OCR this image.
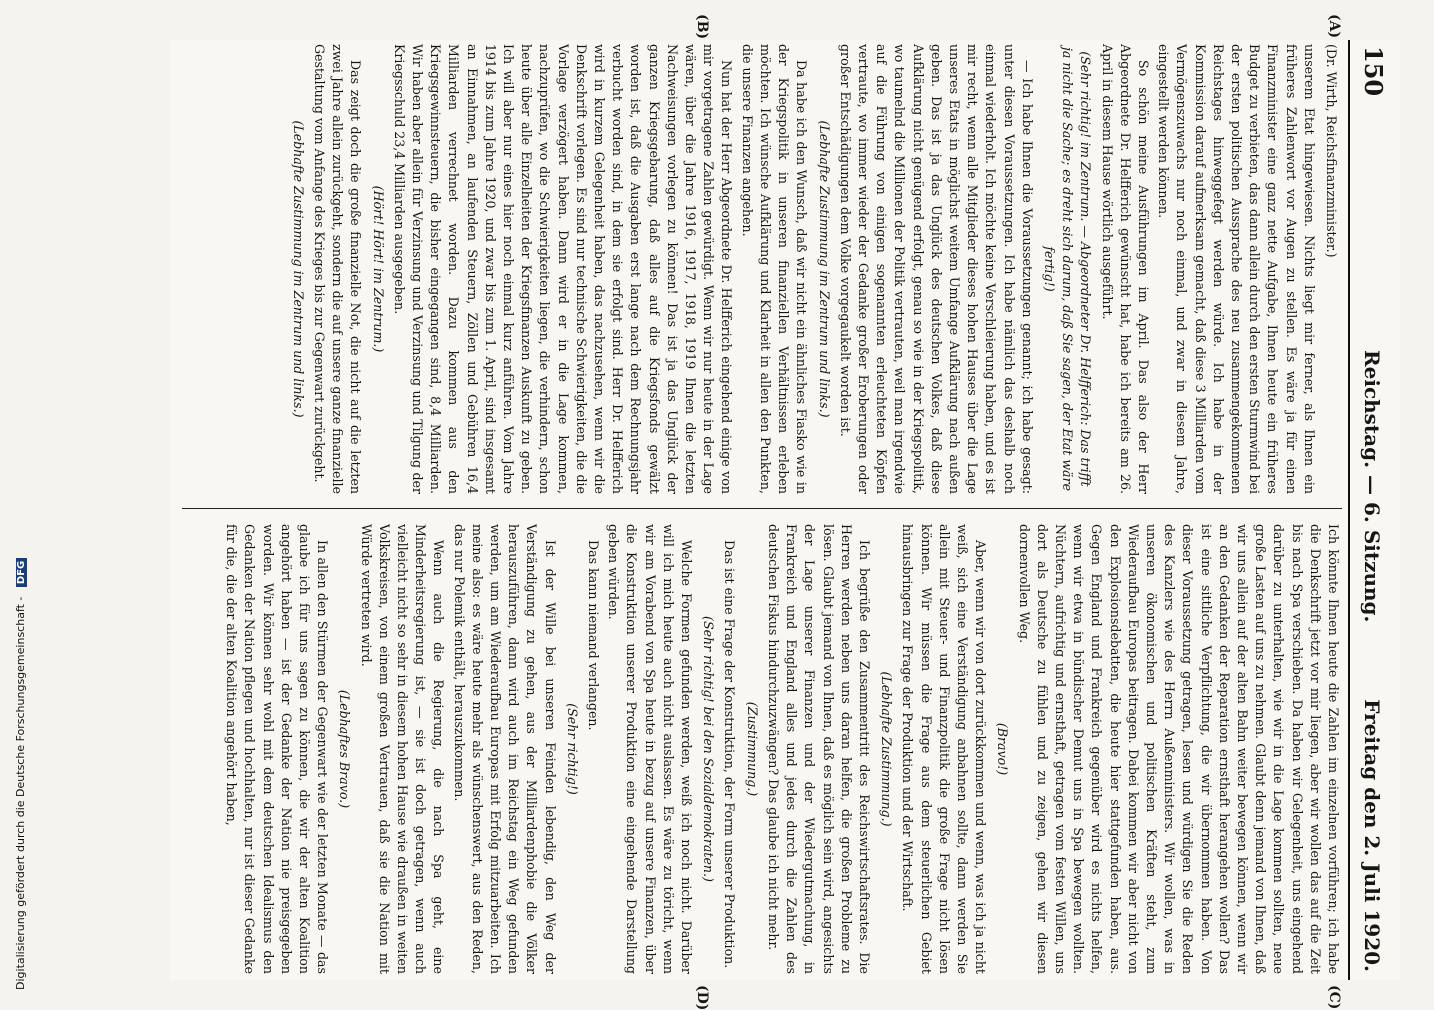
150
Reichstag. — 6. Sitzung.
Freitag den 2. Juli 1920.
(A)
(B)
(C)
(D)

(Dr. Wirth, Reichsfinanzminister.)

unserem Etat hingewiesen. Nichts liegt mir ferner, als Ihnen ein früheres Zahlenwort vor Augen zu stellen. Es wäre ja für einen Finanzminister eine ganz nette Aufgabe, Ihnen heute ein früheres Budget zu verbieten, das dann allein durch den ersten Sturmwind bei der ersten politischen Aussprache des neu zusammengekommenen Reichstages hinweggefegt werden würde. Ich habe in der Kommission darauf aufmerksam gemacht, daß diese 3 Milliarden vom Vermögenszuwachs nur noch einmal, und zwar in diesem Jahre, eingestellt werden können.

So schön meine Ausführungen im April. Das also der Herr Abgeordnete Dr. Helfferich gewünscht hat, habe ich bereits am 26. April in diesem Hause wörtlich ausgeführt.

(Sehr richtig! im Zentrum. — Abgeordneter Dr. Helfferich: Das trifft ja nicht die Sache; es dreht sich darum, daß Sie sagen, der Etat wäre fertig!)

— Ich habe Ihnen die Voraussetzungen genannt; ich habe gesagt: unter diesen Voraussetzungen. Ich habe nämlich das deshalb noch einmal wiederholt. Ich möchte keine Verschleierung haben, und es ist mir recht, wenn alle Mitglieder dieses hohen Hauses über die Lage unseres Etats in möglichst weitem Umfange Aufklärung nach außen geben. Das ist ja das Unglück des deutschen Volkes, daß diese Aufklärung nicht genügend erfolgt, genau so wie in der Kriegspolitik, wo taumelnd die Millionen der Politik vertrauten, weil man irgendwie auf die Führung von einigen sogenannten erleuchteten Köpfen vertraute, wo immer wieder der Gedanke großer Eroberungen oder großer Entschädigungen dem Volke vorgegaukelt worden ist.

(Lebhafte Zustimmung im Zentrum und links.)

Da habe ich den Wunsch, daß wir nicht ein ähnliches Fiasko wie in der Kriegspolitik in unseren finanziellen Verhältnissen erleben möchten. Ich wünsche Aufklärung und Klarheit in allen den Punkten, die unsere Finanzen angehen.

Nun hat der Herr Abgeordnete Dr. Helfferich eingehend einige von mir vorgetragene Zahlen gewürdigt. Wenn wir nur heute in der Lage wären, über die Jahre 1916, 1917, 1918, 1919 Ihnen die letzten Nachweisungen vorlegen zu können! Das ist ja das Unglück der ganzen Kriegsgebarung, daß alles auf die Kriegsfonds gewälzt worden ist, daß die Ausgaben erst lange nach dem Rechnungsjahr verbucht worden sind, in dem sie erfolgt sind. Herr Dr. Helfferich wird in kurzem Gelegenheit haben, das nachzusehen, wenn wir die Denkschrift vorlegen. Es sind nur technische Schwierigkeiten, die die Vorlage verzögert haben. Dann wird er in die Lage kommen, nachzuprüfen, wo die Schwierigkeiten liegen, die verhindern, schon heute über alle Einzelheiten der Kriegsfinanzen Auskunft zu geben. Ich will aber nur eines hier noch einmal kurz anführen. Vom Jahre 1914 bis zum Jahre 1920, und zwar bis zum 1. April, sind insgesamt an Einnahmen, an laufenden Steuern, Zöllen und Gebühren 16,4 Milliarden verrechnet worden. Dazu kommen aus den Kriegsgewinnsteuern, die bisher eingegangen sind, 8,4 Milliarden. Wir haben aber allein für Verzinsung und Verzinsung und Tilgung der Kriegsschuld 23,4 Milliarden ausgegeben.

(Hört! Hört! im Zentrum.)

Das zeigt doch die große finanzielle Not, die nicht auf die letzten zwei Jahre allein zurückgeht, sondern die auf unsere ganze finanzielle Gestaltung vom Anfange des Krieges bis zur Gegenwart zurückgeht.

(Lebhafte Zustimmung im Zentrum und links.)

Ich könnte Ihnen heute die Zahlen im einzelnen vorführen; ich habe die Denkschrift jetzt vor mir liegen, aber wir wollen das auf die Zeit bis nach Spa verschieben. Da haben wir Gelegenheit, uns eingehend darüber zu unterhalten, wie wir in die Lage kommen sollten, neue große Lasten auf uns zu nehmen. Glaubt denn jemand von Ihnen, daß wir uns allein auf der alten Bahn weiter bewegen können, wenn wir an den Gedanken der Reparation ernsthaft herangehen wollen? Das ist eine sittliche Verpflichtung, die wir übernommen haben. Von dieser Voraussetzung getragen, lesen und würdigen Sie die Reden des Kanzlers wie des Herrn Außenministers. Wir wollen, was in unseren ökonomischen und politischen Kräften steht, zum Wiederaufbau Europas beitragen. Dabei kommen wir aber nicht von den Explosionsdebatten, die heute hier stattgefunden haben, aus. Gegen England und Frankreich gegenüber wird es nichts helfen, wenn wir etwa in bündischer Demut uns in Spa bewegen wollten. Nüchtern, aufrichtig und ernsthaft, getragen vom festen Willen, uns dort als Deutsche zu fühlen und zu zeigen, gehen wir diesen dornenvollen Weg.

(Bravo!)

Aber, wenn wir von dort zurückkommen und wenn, was ich ja nicht weiß, sich eine Verständigung anbahnen sollte, dann werden Sie allein mit Steuer- und Finanzpolitik die große Frage nicht lösen können. Wir müssen die Frage aus dem steuerlichen Gebiet hinausbringen zur Frage der Produktion und der Wirtschaft.

(Lebhafte Zustimmung.)

Ich begrüße den Zusammentritt des Reichswirtschaftsrates. Die Herren werden neben uns daran helfen, die großen Probleme zu lösen. Glaubt jemand von Ihnen, daß es möglich sein wird, angesichts der Lage unserer Finanzen und der Wiedergutmachung, in Frankreich und England alles und jedes durch die Zahlen des deutschen Fiskus hindurchzuzwängen? Das glaube ich nicht mehr.

(Zustimmung.)

Das ist eine Frage der Konstruktion, der Form unserer Produktion.

(Sehr richtig! bei den Sozialdemokraten.)

Welche Formen gefunden werden, weiß ich noch nicht. Darüber will ich mich heute auch nicht auslassen. Es wäre zu töricht, wenn wir am Vorabend von Spa heute in bezug auf unsere Finanzen, über die Konstruktion unserer Produktion eine eingehende Darstellung geben würden.

Das kann niemand verlangen.

(Sehr richtig!)

Ist der Wille bei unseren Feinden lebendig, den Weg der Verständigung zu gehen, aus der Milliardenphobie die Völker herauszuführen, dann wird auch im Reichstag ein Weg gefunden werden, um am Wiederaufbau Europas mit Erfolg mitzuarbeiten. Ich meine also: es wäre heute mehr als wünschenswert, aus den Reden, das nur Polemik enthält, herauszukommen.

Wenn auch die Regierung, die nach Spa geht, eine Minderheitsregierung ist, — sie ist doch getragen, wenn auch vielleicht nicht so sehr in diesem hohen Hause wie draußen in weiten Volkskreisen, von einem großen Vertrauen, daß sie die Nation mit Würde vertreten wird.

(Lebhaftes Bravo.)

In allen den Stürmen der Gegenwart wie der letzten Monate — das glaube ich für uns sagen zu können, die wir der alten Koalition angehört haben — ist der Gedanke der Nation nie preisgegeben worden. Wir können sehr wohl mit dem deutschen Idealismus den Gedanken der Nation pflegen und hochhalten, nur ist dieser Gedanke für die, die der alten Koalition angehört haben,

Digitalisierung gefördert durch die Deutsche Forschungsgemeinschaft - DFG
